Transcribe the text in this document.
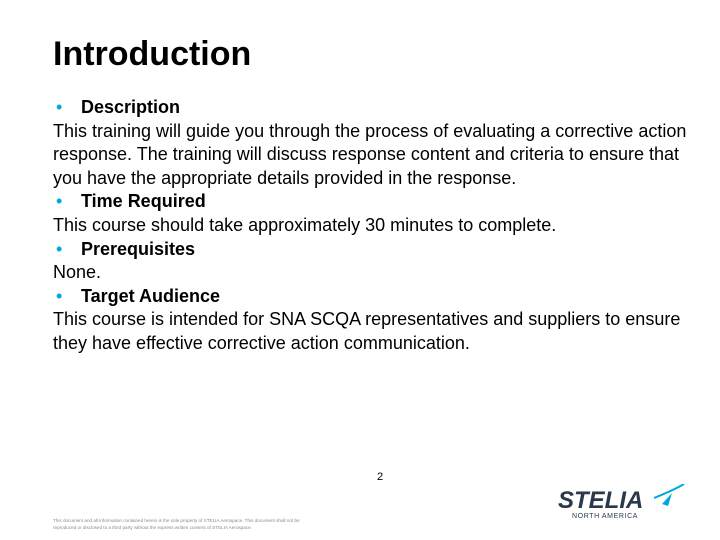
Introduction
•	Description

This training will guide you through the process of evaluating a corrective action response. The training will discuss response content and criteria to ensure that you have the appropriate details provided in the response.

•	Time Required

This course should take approximately 30 minutes to complete.

•	Prerequisites

None.

•	Target Audience

This course is intended for SNA SCQA representatives and suppliers to ensure they have effective corrective action communication.

2
This document and all information contained herein is the sole property of STELIA Aerospace. This document shall not be
reproduced or disclosed to a third party without the express written consent of STELIA Aerospace.
STELIA
NORTH AMERICA
